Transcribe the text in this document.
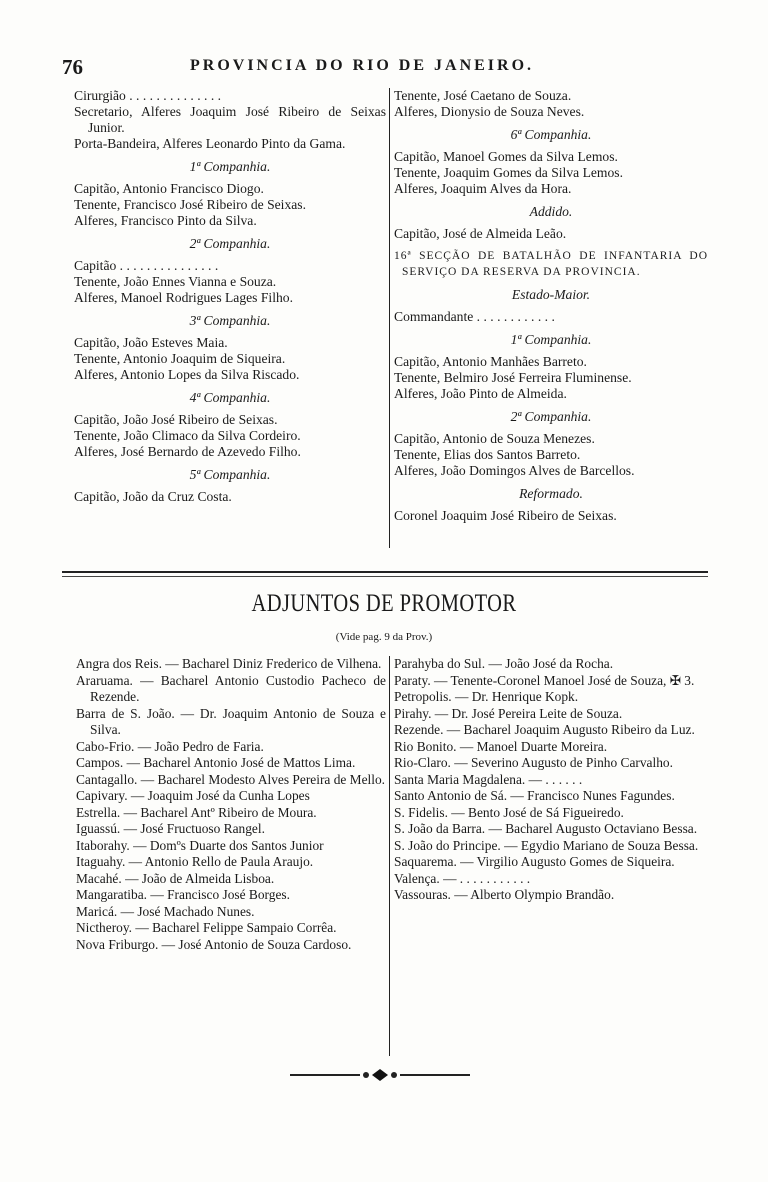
76	PROVINCIA DO RIO DE JANEIRO.
Cirurgião . . . . . . . . . . . . . .
Secretario, Alferes Joaquim José Ribeiro de Seixas Junior.
Porta-Bandeira, Alferes Leonardo Pinto da Gama.
1ª Companhia.
Capitão, Antonio Francisco Diogo.
Tenente, Francisco José Ribeiro de Seixas.
Alferes, Francisco Pinto da Silva.
2ª Companhia.
Capitão . . . . . . . . . . . . . . .
Tenente, João Ennes Vianna e Souza.
Alferes, Manoel Rodrigues Lages Filho.
3ª Companhia.
Capitão, João Esteves Maia.
Tenente, Antonio Joaquim de Siqueira.
Alferes, Antonio Lopes da Silva Riscado.
4ª Companhia.
Capitão, João José Ribeiro de Seixas.
Tenente, João Climaco da Silva Cordeiro.
Alferes, José Bernardo de Azevedo Filho.
5ª Companhia.
Capitão, João da Cruz Costa.
Tenente, José Caetano de Souza.
Alferes, Dionysio de Souza Neves.
6ª Companhia.
Capitão, Manoel Gomes da Silva Lemos.
Tenente, Joaquim Gomes da Silva Lemos.
Alferes, Joaquim Alves da Hora.
Addido.
Capitão, José de Almeida Leão.
16ª SECÇÃO DE BATALHÃO DE INFANTARIA DO SERVIÇO DA RESERVA DA PROVINCIA.
Estado-Maior.
Commandante . . . . . . . . . . . .
1ª Companhia.
Capitão, Antonio Manhães Barreto.
Tenente, Belmiro José Ferreira Fluminense.
Alferes, João Pinto de Almeida.
2ª Companhia.
Capitão, Antonio de Souza Menezes.
Tenente, Elias dos Santos Barreto.
Alferes, João Domingos Alves de Barcellos.
Reformado.
Coronel Joaquim José Ribeiro de Seixas.
ADJUNTOS DE PROMOTOR
(Vide pag. 9 da Prov.)
Angra dos Reis. — Bacharel Diniz Frederico de Vilhena.
Araruama. — Bacharel Antonio Custodio Pacheco de Rezende.
Barra de S. João. — Dr. Joaquim Antonio de Souza e Silva.
Cabo-Frio. — João Pedro de Faria.
Campos. — Bacharel Antonio José de Mattos Lima.
Cantagallo. — Bacharel Modesto Alves Pereira de Mello.
Capivary. — Joaquim José da Cunha Lopes
Estrella. — Bacharel Antº Ribeiro de Moura.
Iguassú. — José Fructuoso Rangel.
Itaborahy. — Domºs Duarte dos Santos Junior
Itaguahy. — Antonio Rello de Paula Araujo.
Macahé. — João de Almeida Lisboa.
Mangaratiba. — Francisco José Borges.
Maricá. — José Machado Nunes.
Nictheroy. — Bacharel Felippe Sampaio Corrêa.
Nova Friburgo. — José Antonio de Souza Cardoso.
Parahyba do Sul. — João José da Rocha.
Paraty. — Tenente-Coronel Manoel José de Souza, ✠ 3.
Petropolis. — Dr. Henrique Kopk.
Pirahy. — Dr. José Pereira Leite de Souza.
Rezende. — Bacharel Joaquim Augusto Ribeiro da Luz.
Rio Bonito. — Manoel Duarte Moreira.
Rio-Claro. — Severino Augusto de Pinho Carvalho.
Santa Maria Magdalena. — . . . . . .
Santo Antonio de Sá. — Francisco Nunes Fagundes.
S. Fidelis. — Bento José de Sá Figueiredo.
S. João da Barra. — Bacharel Augusto Octaviano Bessa.
S. João do Principe. — Egydio Mariano de Souza Bessa.
Saquarema. — Virgilio Augusto Gomes de Siqueira.
Valença. — . . . . . . . . . . .
Vassouras. — Alberto Olympio Brandão.
